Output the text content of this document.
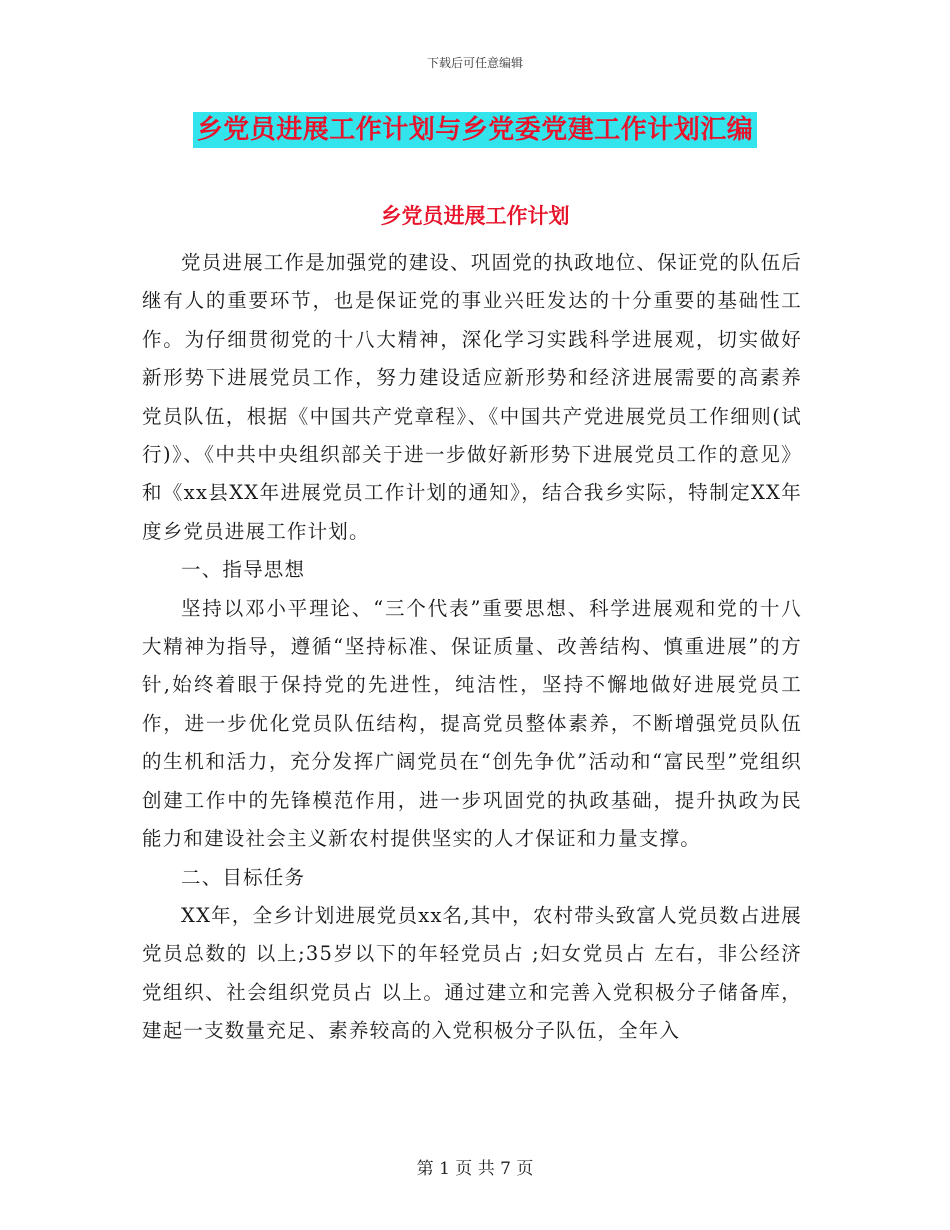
下载后可任意编辑
乡党员进展工作计划与乡党委党建工作计划汇编
乡党员进展工作计划

党员进展工作是加强党的建设、巩固党的执政地位、保证党的队伍后继有人的重要环节，也是保证党的事业兴旺发达的十分重要的基础性工作。为仔细贯彻党的十八大精神，深化学习实践科学进展观，切实做好新形势下进展党员工作，努力建设适应新形势和经济进展需要的高素养党员队伍，根据《中国共产党章程》、《中国共产党进展党员工作细则(试行)》、《中共中央组织部关于进一步做好新形势下进展党员工作的意见》和《xx县XX年进展党员工作计划的通知》，结合我乡实际，特制定XX年度乡党员进展工作计划。

一、指导思想

坚持以邓小平理论、“三个代表”重要思想、科学进展观和党的十八大精神为指导，遵循“坚持标准、保证质量、改善结构、慎重进展”的方针,始终着眼于保持党的先进性，纯洁性，坚持不懈地做好进展党员工作，进一步优化党员队伍结构，提高党员整体素养，不断增强党员队伍的生机和活力，充分发挥广阔党员在“创先争优”活动和“富民型”党组织创建工作中的先锋模范作用，进一步巩固党的执政基础，提升执政为民能力和建设社会主义新农村提供坚实的人才保证和力量支撑。

二、目标任务

XX年，全乡计划进展党员xx名,其中，农村带头致富人党员数占进展党员总数的 以上;35岁以下的年轻党员占 ;妇女党员占 左右，非公经济党组织、社会组织党员占 以上。通过建立和完善入党积极分子储备库，建起一支数量充足、素养较高的入党积极分子队伍，全年入

第 1 页 共 7 页
